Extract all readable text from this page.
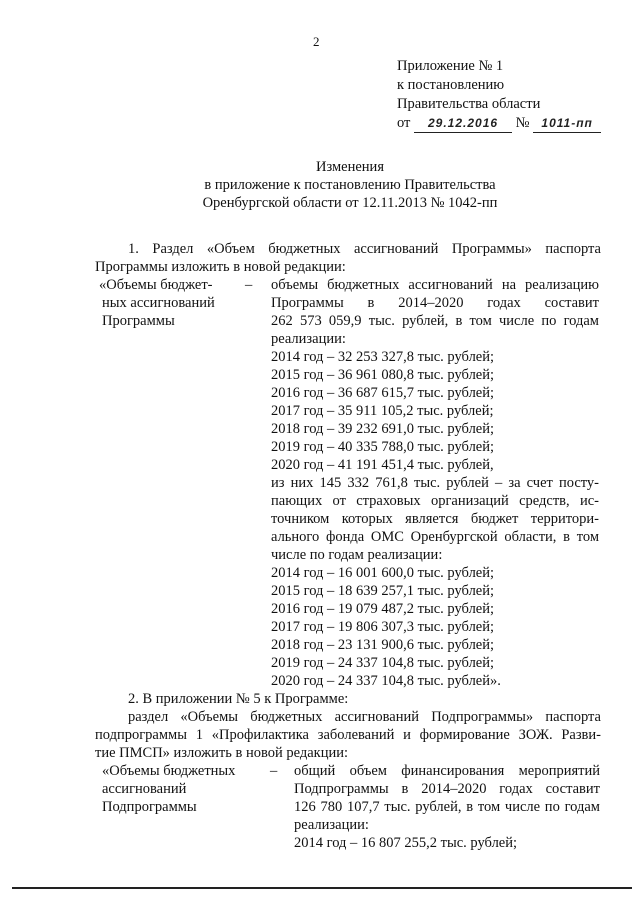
2
Приложение № 1
к постановлению
Правительства области
от 29.12.2016 № 1011-пп
Изменения
в приложение к постановлению Правительства
Оренбургской области от 12.11.2013 № 1042-пп
1. Раздел «Объем бюджетных ассигнований Программы» паспорта
Программы изложить в новой редакции:
«Объемы бюджет-
ных ассигнований
Программы
– объемы бюджетных ассигнований на реализацию
Программы в 2014–2020 годах составит
262 573 059,9 тыс. рублей, в том числе по годам
реализации:
2014 год – 32 253 327,8 тыс. рублей;
2015 год – 36 961 080,8 тыс. рублей;
2016 год – 36 687 615,7 тыс. рублей;
2017 год – 35 911 105,2 тыс. рублей;
2018 год – 39 232 691,0 тыс. рублей;
2019 год – 40 335 788,0 тыс. рублей;
2020 год – 41 191 451,4 тыс. рублей,
из них 145 332 761,8 тыс. рублей – за счет посту-
пающих от страховых организаций средств, ис-
точником которых является бюджет территори-
ального фонда ОМС Оренбургской области, в том
числе по годам реализации:
2014 год – 16 001 600,0 тыс. рублей;
2015 год – 18 639 257,1 тыс. рублей;
2016 год – 19 079 487,2 тыс. рублей;
2017 год – 19 806 307,3 тыс. рублей;
2018 год – 23 131 900,6 тыс. рублей;
2019 год – 24 337 104,8 тыс. рублей;
2020 год – 24 337 104,8 тыс. рублей».
2. В приложении № 5 к Программе:
раздел «Объемы бюджетных ассигнований Подпрограммы» паспорта
подпрограммы 1 «Профилактика заболеваний и формирование ЗОЖ. Разви-
тие ПМСП» изложить в новой редакции:
«Объемы бюджетных
ассигнований
Подпрограммы
– общий объем финансирования мероприятий
Подпрограммы в 2014–2020 годах составит
126 780 107,7 тыс. рублей, в том числе по годам
реализации:
2014 год – 16 807 255,2 тыс. рублей;
